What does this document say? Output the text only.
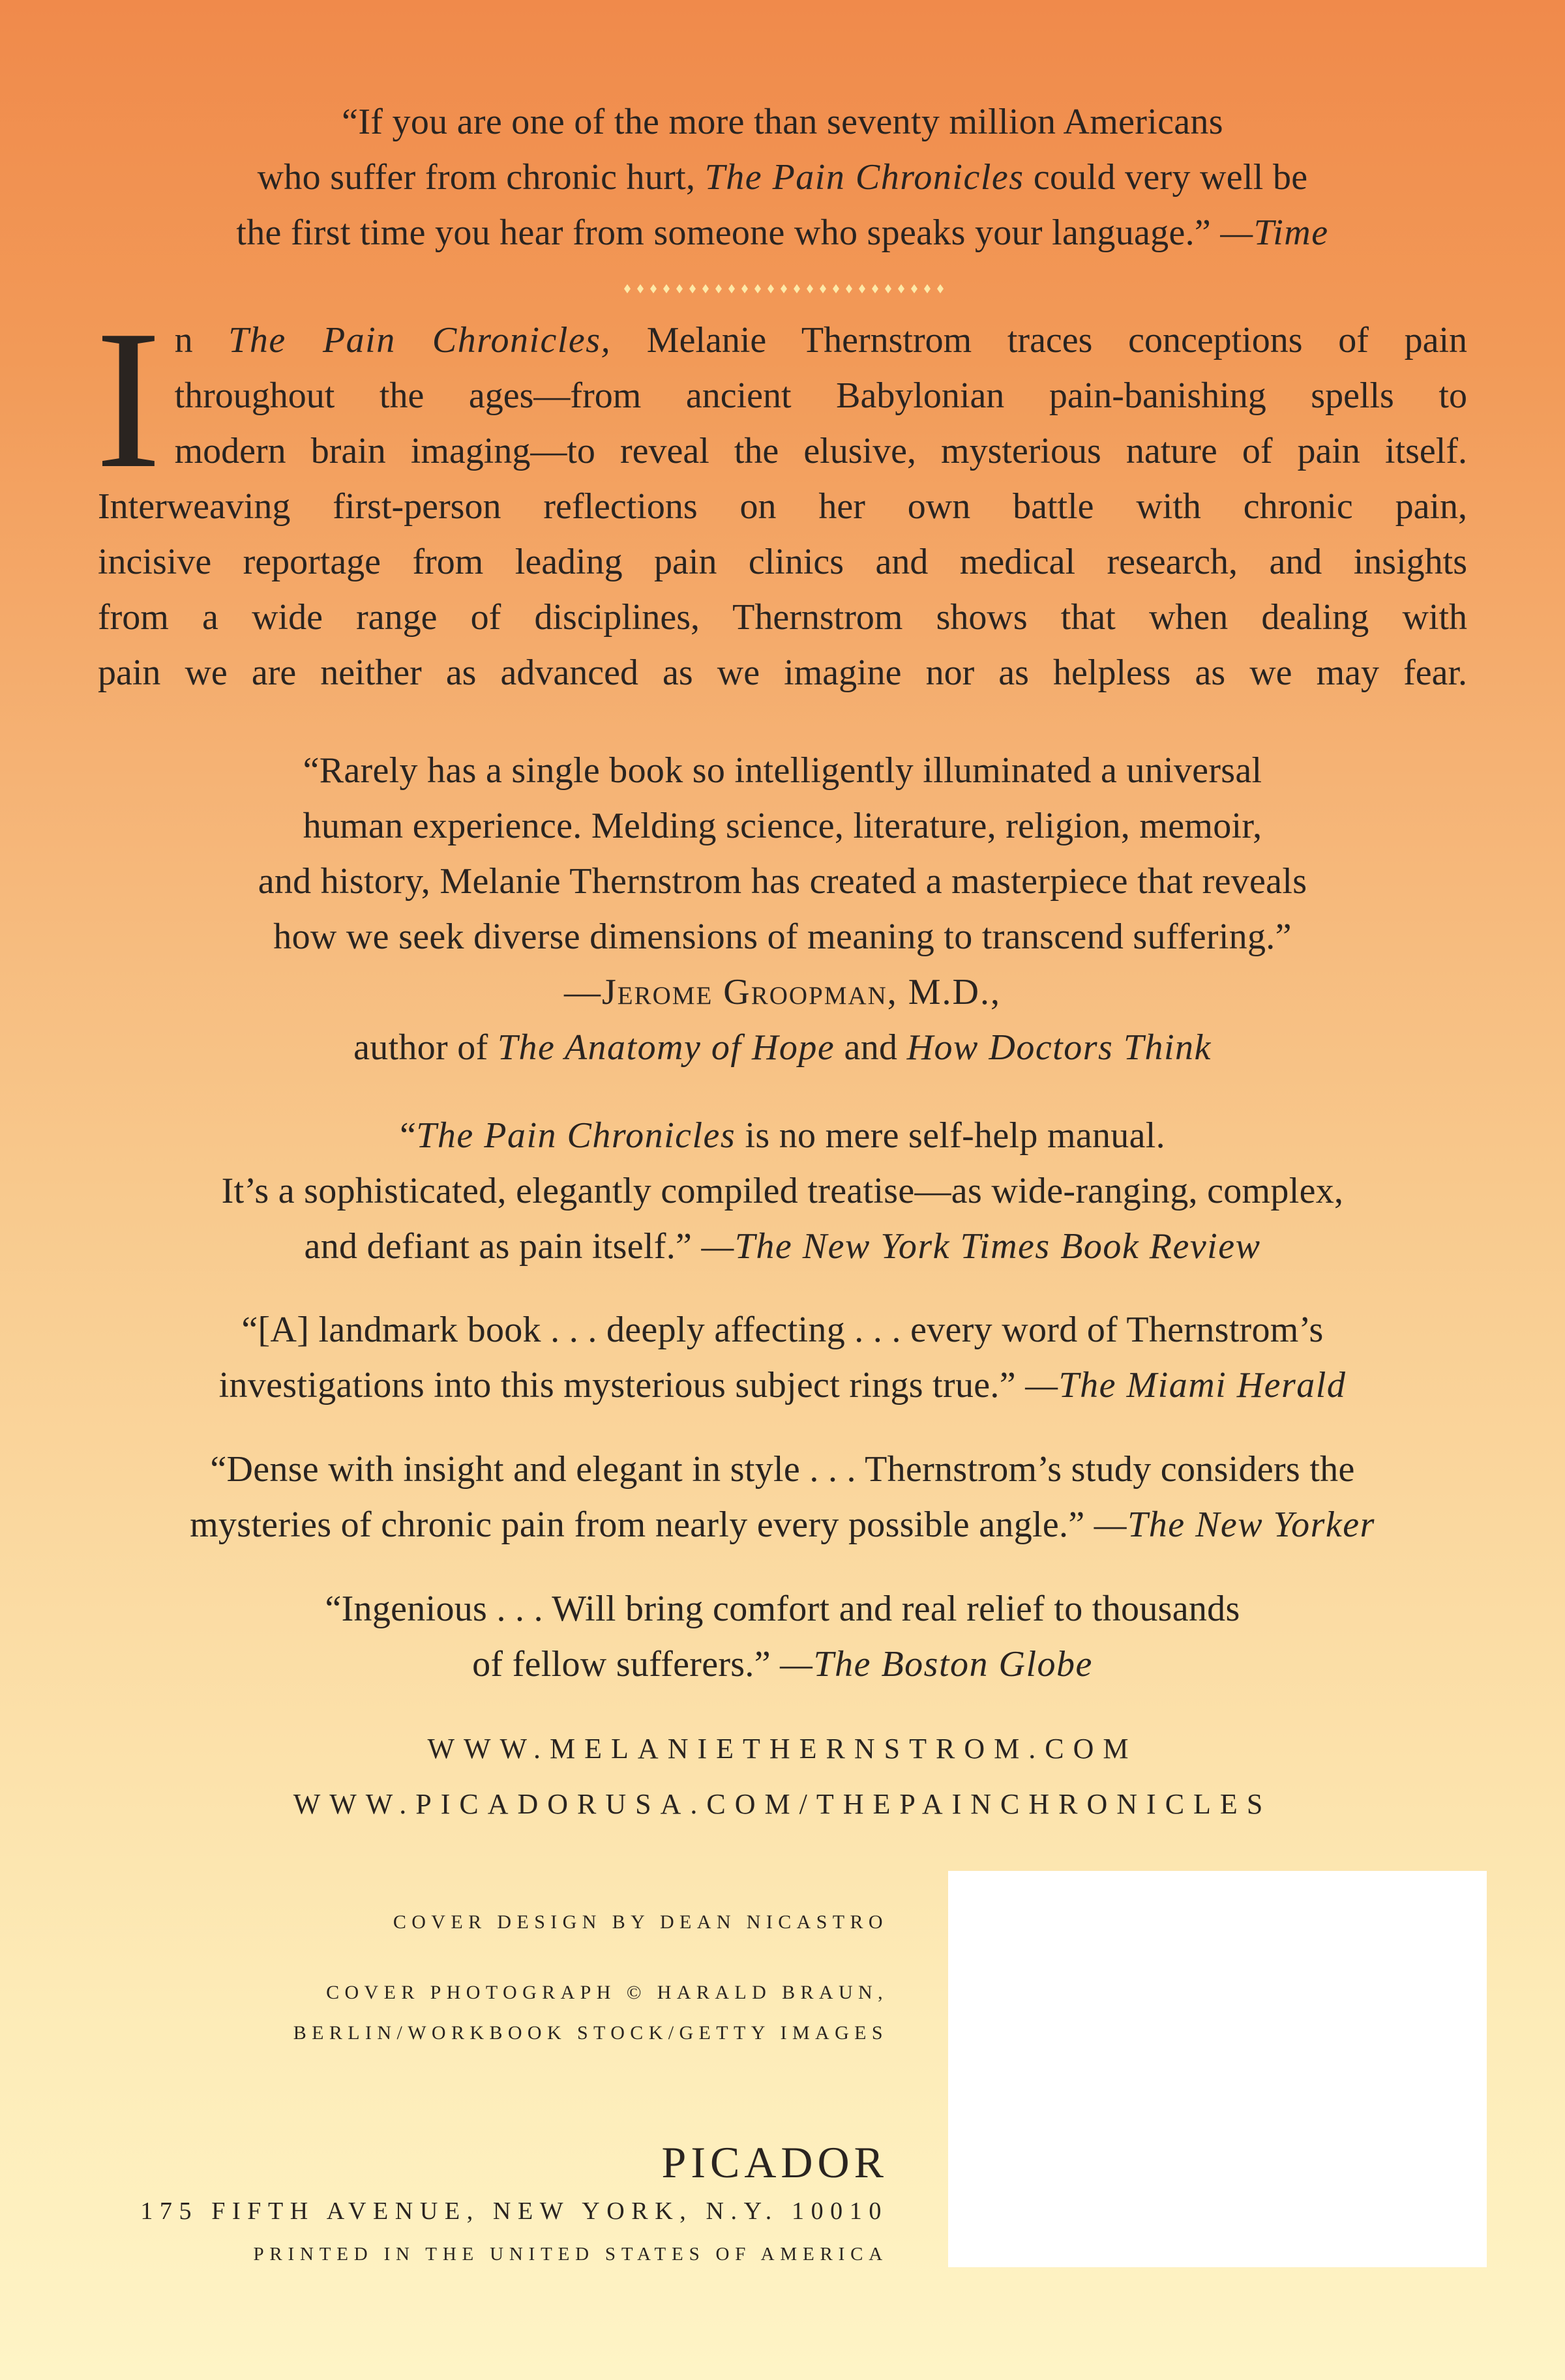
“If you are one of the more than seventy million Americans
who suffer from chronic hurt, The Pain Chronicles could very well be
the first time you hear from someone who speaks your language.” —Time
I n The Pain Chronicles, Melanie Thernstrom traces conceptions of pain
throughout the ages—from ancient Babylonian pain-banishing spells to
modern brain imaging—to reveal the elusive, mysterious nature of pain itself.
Interweaving first-person reflections on her own battle with chronic pain,
incisive reportage from leading pain clinics and medical research, and insights
from a wide range of disciplines, Thernstrom shows that when dealing with
pain we are neither as advanced as we imagine nor as helpless as we may fear.
“Rarely has a single book so intelligently illuminated a universal
human experience. Melding science, literature, religion, memoir,
and history, Melanie Thernstrom has created a masterpiece that reveals
how we seek diverse dimensions of meaning to transcend suffering.”
—Jerome Groopman, M.D.,
author of The Anatomy of Hope and How Doctors Think
“The Pain Chronicles is no mere self-help manual.
It’s a sophisticated, elegantly compiled treatise—as wide-ranging, complex,
and defiant as pain itself.” —The New York Times Book Review
“[A] landmark book . . . deeply affecting . . . every word of Thernstrom’s
investigations into this mysterious subject rings true.” —The Miami Herald
“Dense with insight and elegant in style . . . Thernstrom’s study considers the
mysteries of chronic pain from nearly every possible angle.” —The New Yorker
“Ingenious . . . Will bring comfort and real relief to thousands
of fellow sufferers.” —The Boston Globe
WWW.MELANIETHERNSTROM.COM
WWW.PICADORUSA.COM/THEPAINCHRONICLES
COVER DESIGN BY DEAN NICASTRO
COVER PHOTOGRAPH © HARALD BRAUN,
BERLIN/WORKBOOK STOCK/GETTY IMAGES
PICADOR
175 FIFTH AVENUE, NEW YORK, N.Y. 10010
PRINTED IN THE UNITED STATES OF AMERICA
